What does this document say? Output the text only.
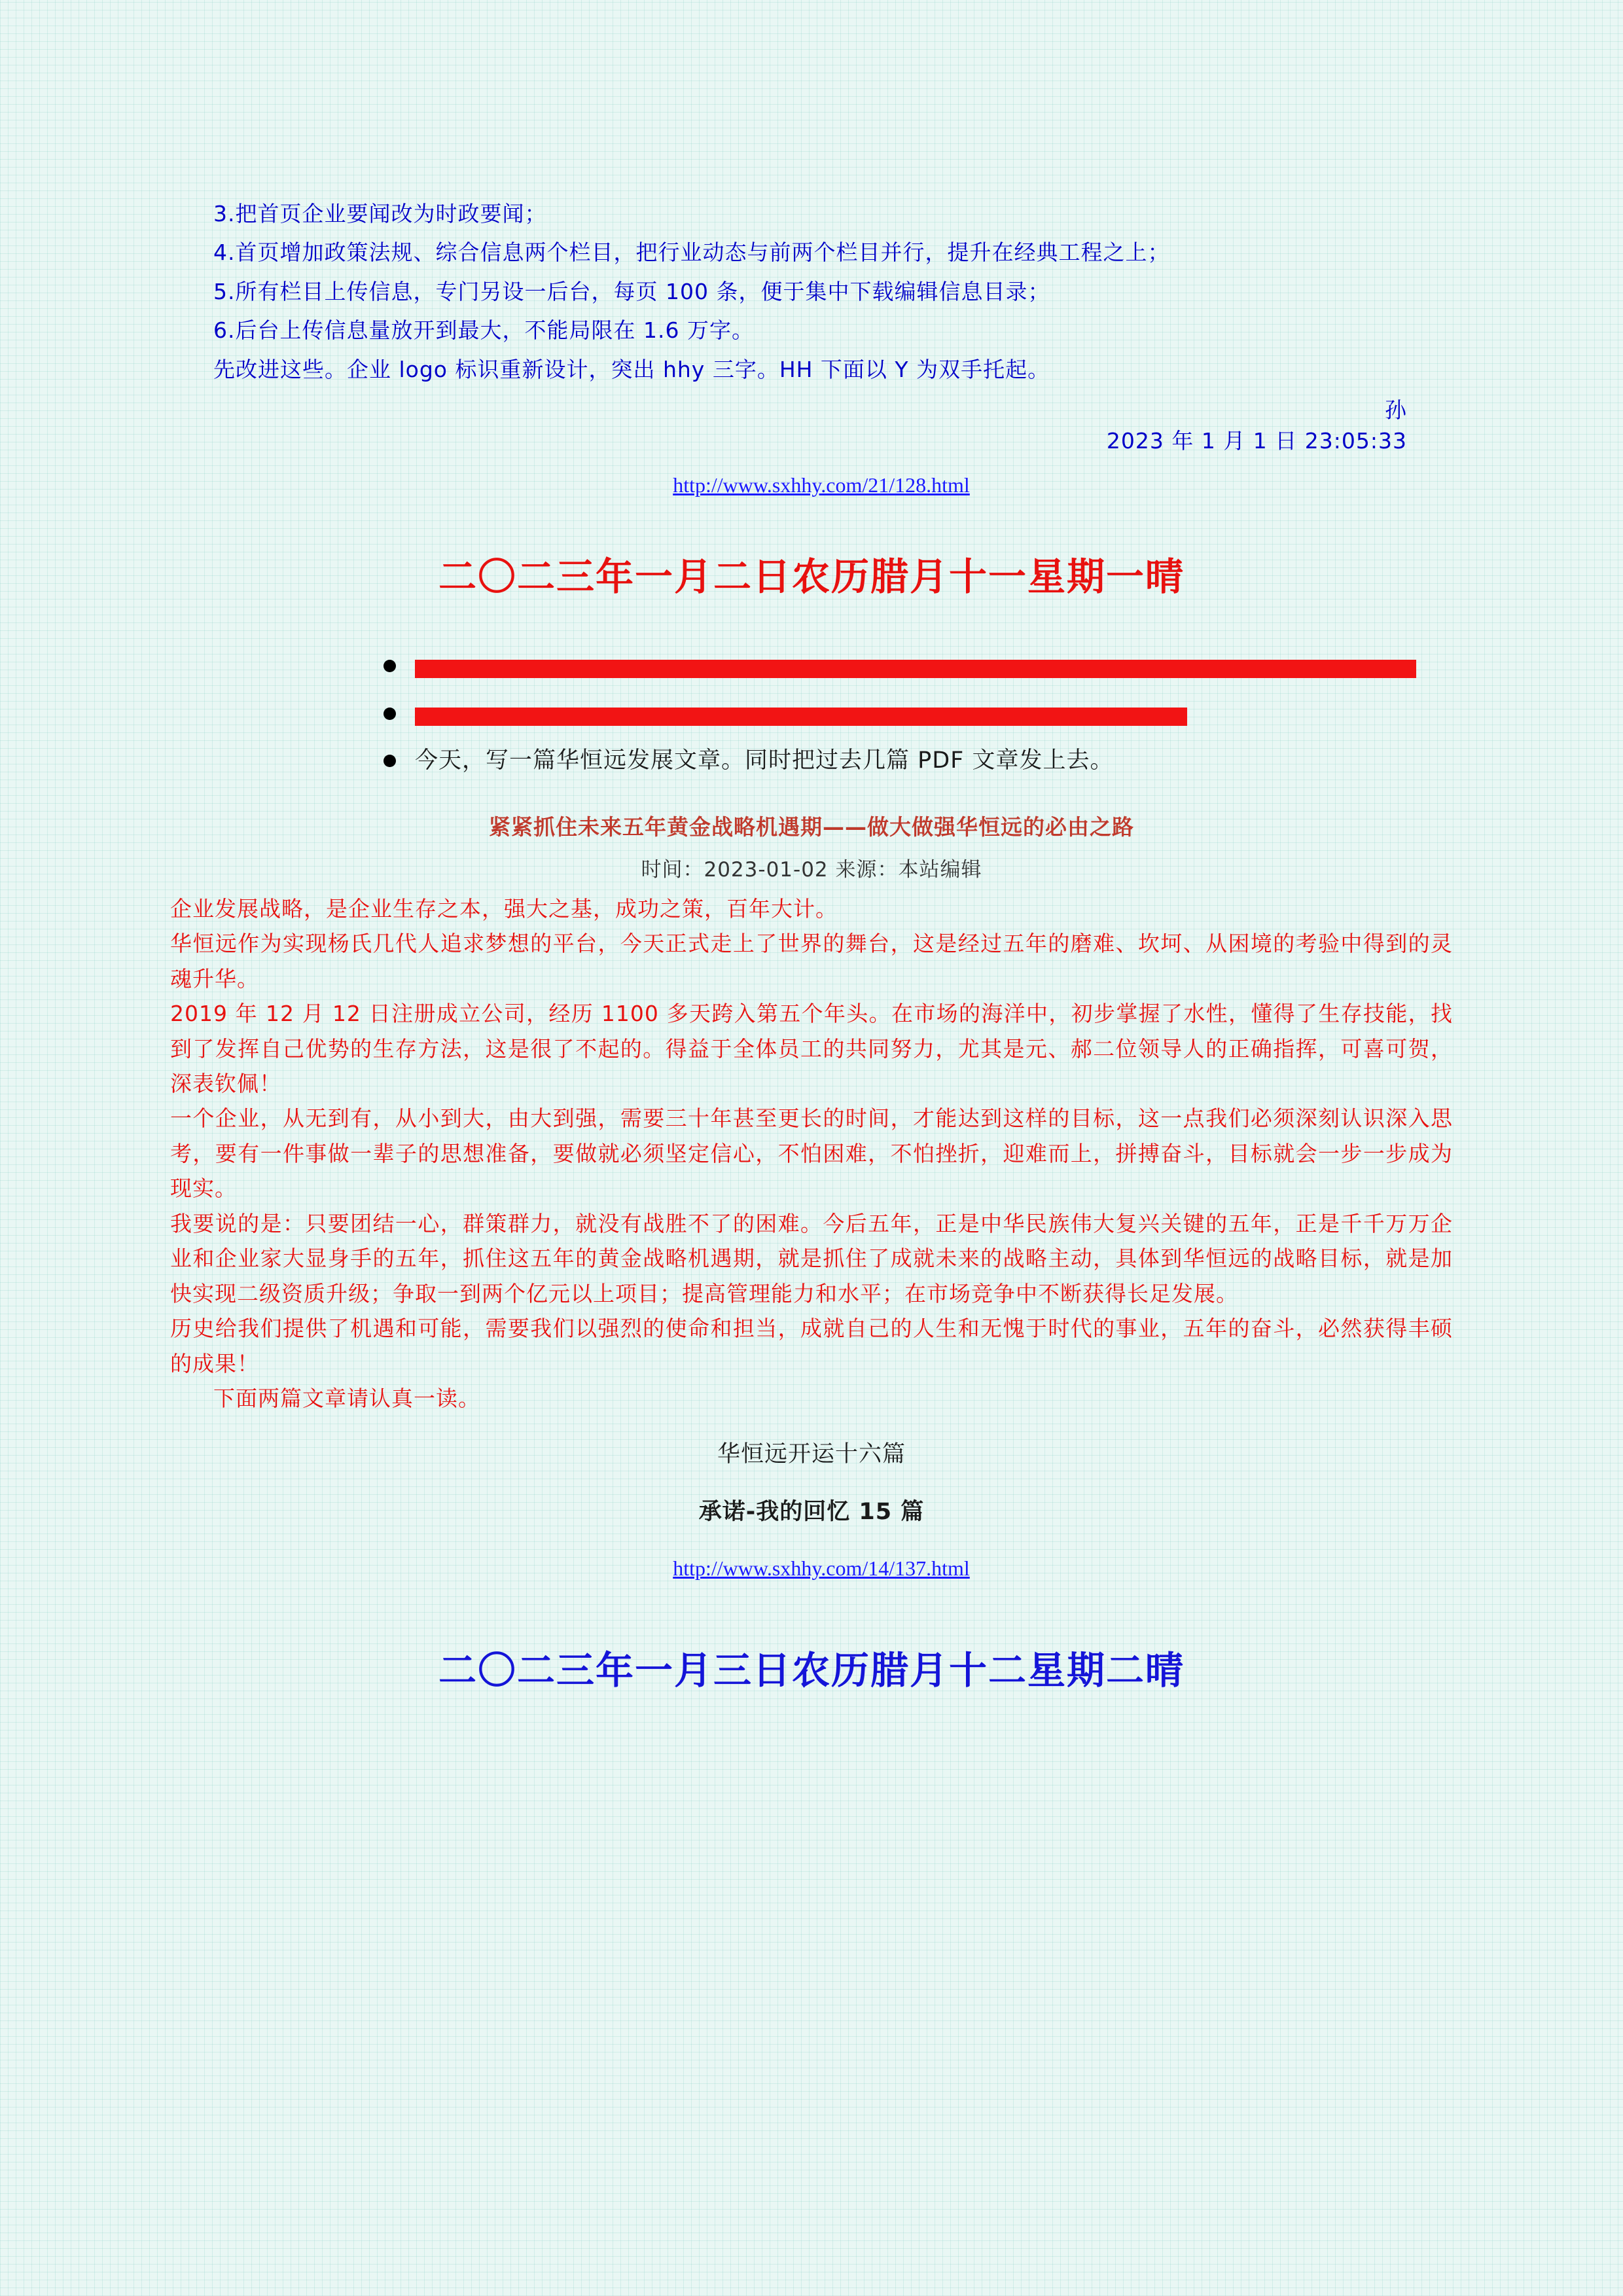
3.把首页企业要闻改为时政要闻；

4.首页增加政策法规、综合信息两个栏目，把行业动态与前两个栏目并行，提升在经典工程之上；

5.所有栏目上传信息，专门另设一后台，每页 100 条，便于集中下载编辑信息目录；

6.后台上传信息量放开到最大，不能局限在 1.6 万字。

先改进这些。企业 logo 标识重新设计，突出 hhy 三字。HH 下面以 Y 为双手托起。

孙

2023 年 1 月 1 日 23:05:33

http://www.sxhhy.com/21/128.html
二〇二三年一月二日农历腊月十一星期一晴
今天，写一篇华恒远发展文章。同时把过去几篇 PDF 文章发上去。
紧紧抓住未来五年黄金战略机遇期——做大做强华恒远的必由之路

时间：2023-01-02 来源：本站编辑

企业发展战略，是企业生存之本，强大之基，成功之策，百年大计。

华恒远作为实现杨氏几代人追求梦想的平台，今天正式走上了世界的舞台，这是经过五年的磨难、坎坷、从困境的考验中得到的灵魂升华。

2019 年 12 月 12 日注册成立公司，经历 1100 多天跨入第五个年头。在市场的海洋中，初步掌握了水性，懂得了生存技能，找到了发挥自己优势的生存方法，这是很了不起的。得益于全体员工的共同努力，尤其是元、郝二位领导人的正确指挥，可喜可贺，深表钦佩！

一个企业，从无到有，从小到大，由大到强，需要三十年甚至更长的时间，才能达到这样的目标，这一点我们必须深刻认识深入思考，要有一件事做一辈子的思想准备，要做就必须坚定信心，不怕困难，不怕挫折，迎难而上，拼搏奋斗，目标就会一步一步成为现实。

我要说的是：只要团结一心，群策群力，就没有战胜不了的困难。今后五年，正是中华民族伟大复兴关键的五年，正是千千万万企业和企业家大显身手的五年，抓住这五年的黄金战略机遇期，就是抓住了成就未来的战略主动，具体到华恒远的战略目标，就是加快实现二级资质升级；争取一到两个亿元以上项目；提高管理能力和水平；在市场竞争中不断获得长足发展。

历史给我们提供了机遇和可能，需要我们以强烈的使命和担当，成就自己的人生和无愧于时代的事业，五年的奋斗，必然获得丰硕的成果！

下面两篇文章请认真一读。

华恒远开运十六篇

承诺-我的回忆 15 篇

http://www.sxhhy.com/14/137.html
二〇二三年一月三日农历腊月十二星期二晴
